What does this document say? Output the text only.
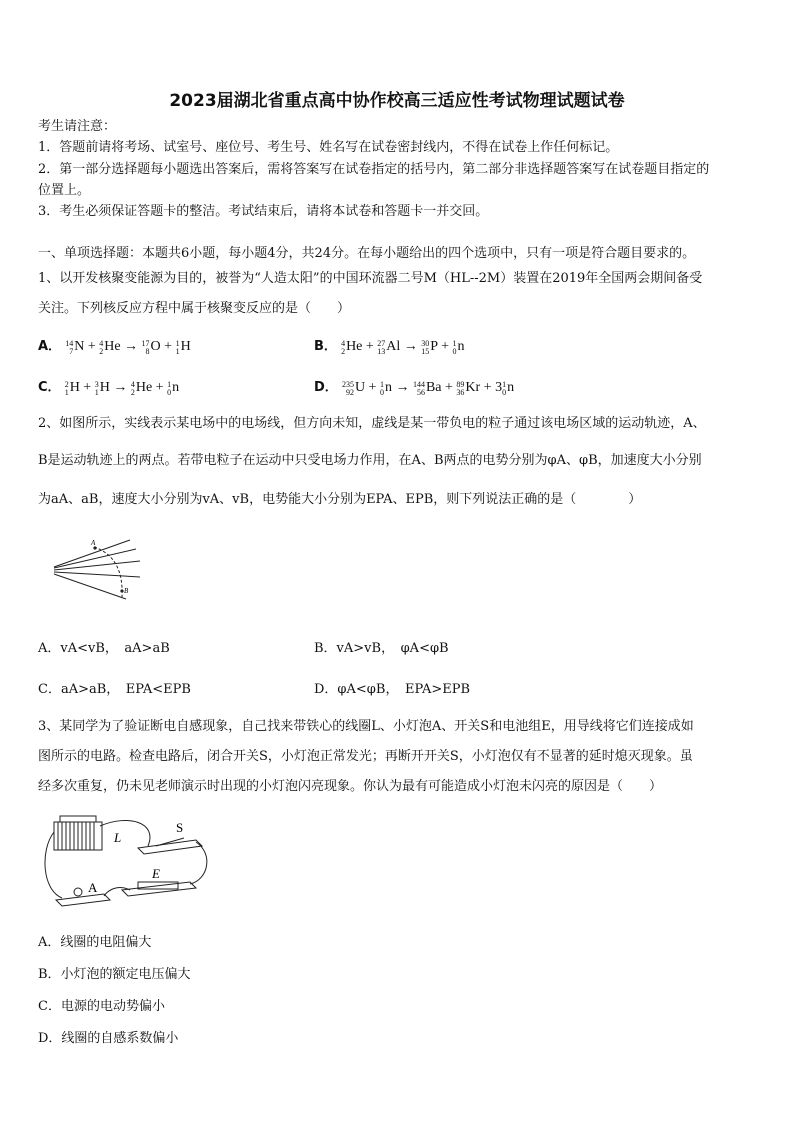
2023届湖北省重点高中协作校高三适应性考试物理试题试卷
考生请注意：
1．答题前请将考场、试室号、座位号、考生号、姓名写在试卷密封线内，不得在试卷上作任何标记。
2．第一部分选择题每小题选出答案后，需将答案写在试卷指定的括号内，第二部分非选择题答案写在试卷题目指定的
位置上。
3．考生必须保证答题卡的整洁。考试结束后，请将本试卷和答题卡一并交回。
一、单项选择题：本题共6小题，每小题4分，共24分。在每小题给出的四个选项中，只有一项是符合题目要求的。
1、以开发核聚变能源为目的，被誉为“人造太阳”的中国环流器二号M（HL--2M）装置在2019年全国两会期间备受
关注。下列核反应方程中属于核聚变反应的是（　　）
A． 14
7 N + 4
2 He → 17
8 O + 1
1 H	B． 4
2 He + 27
13 Al → 30
15 P + 1
0 n
C． 2
1 H + 3
1 H → 4
2 He + 1
0 n	D． 235
92 U + 1
0 n → 144
56 Ba + 89
36 Kr + 3 1
0 n
2、如图所示，实线表示某电场中的电场线，但方向未知，虚线是某一带负电的粒子通过该电场区域的运动轨迹，A、
B是运动轨迹上的两点。若带电粒子在运动中只受电场力作用，在A、B两点的电势分别为φA、φB，加速度大小分别
为aA、aB，速度大小分别为vA、vB，电势能大小分别为EPA、EPB，则下列说法正确的是（　　　　）
A
B
A．vA<vB，　aA>aB	B．vA>vB，　φA<φB
C．aA>aB，　EPA<EPB	D．φA<φB，　EPA>EPB
3、某同学为了验证断电自感现象，自己找来带铁心的线圈L、小灯泡A、开关S和电池组E，用导线将它们连接成如
图所示的电路。检查电路后，闭合开关S，小灯泡正常发光；再断开开关S，小灯泡仅有不显著的延时熄灭现象。虽
经多次重复，仍未见老师演示时出现的小灯泡闪亮现象。你认为最有可能造成小灯泡未闪亮的原因是（　　）
L
S
E
A
A．线圈的电阻偏大
B．小灯泡的额定电压偏大
C．电源的电动势偏小
D．线圈的自感系数偏小
